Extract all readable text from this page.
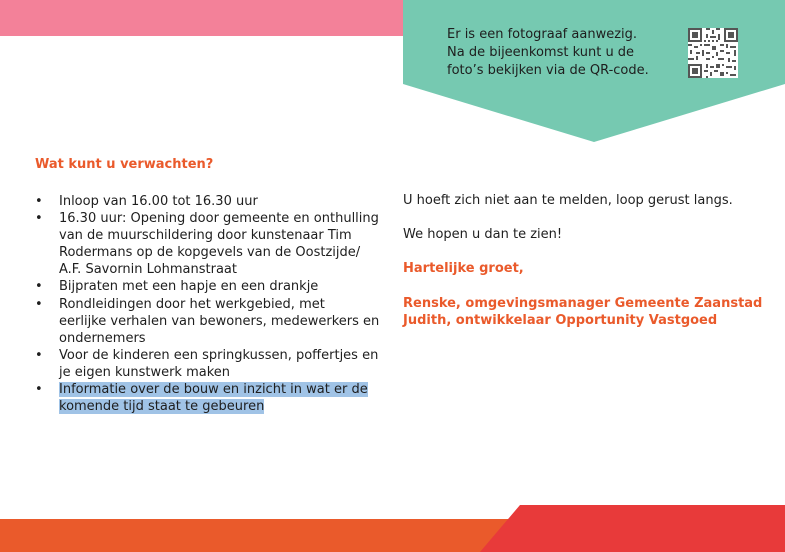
Er is een fotograaf aanwezig.
Na de bijeenkomst kunt u de
foto’s bekijken via de QR-code.
Wat kunt u verwachten?
• Inloop van 16.00 tot 16.30 uur
• 16.30 uur: Opening door gemeente en onthulling
van de muurschildering door kunstenaar Tim
Rodermans op de kopgevels van de Oostzijde/
A.F. Savornin Lohmanstraat
• Bijpraten met een hapje en een drankje
• Rondleidingen door het werkgebied, met
eerlijke verhalen van bewoners, medewerkers en
ondernemers
• Voor de kinderen een springkussen, poffertjes en
je eigen kunstwerk maken
• Informatie over de bouw en inzicht in wat er de
komende tijd staat te gebeuren

U hoeft zich niet aan te melden, loop gerust langs.

We hopen u dan te zien!

Hartelijke groet,

Renske, omgevingsmanager Gemeente Zaanstad

Judith, ontwikkelaar Opportunity Vastgoed
